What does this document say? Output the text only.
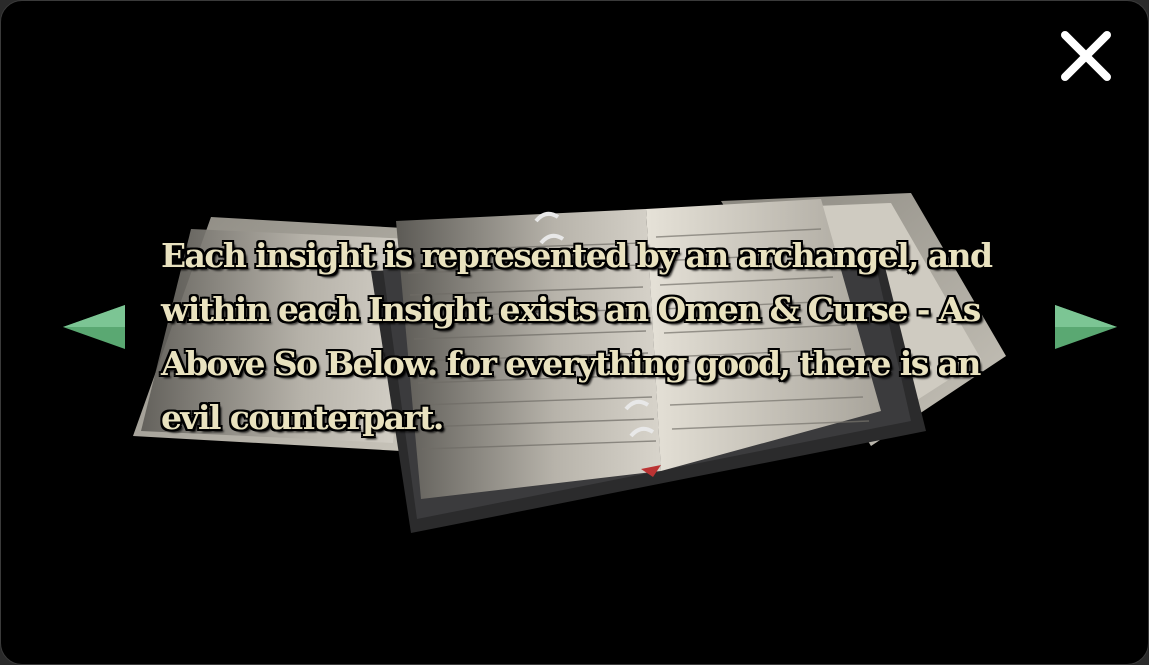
Each insight is represented by an archangel, and
within each Insight exists an Omen & Curse - As
Above So Below. for everything good, there is an
evil counterpart.
